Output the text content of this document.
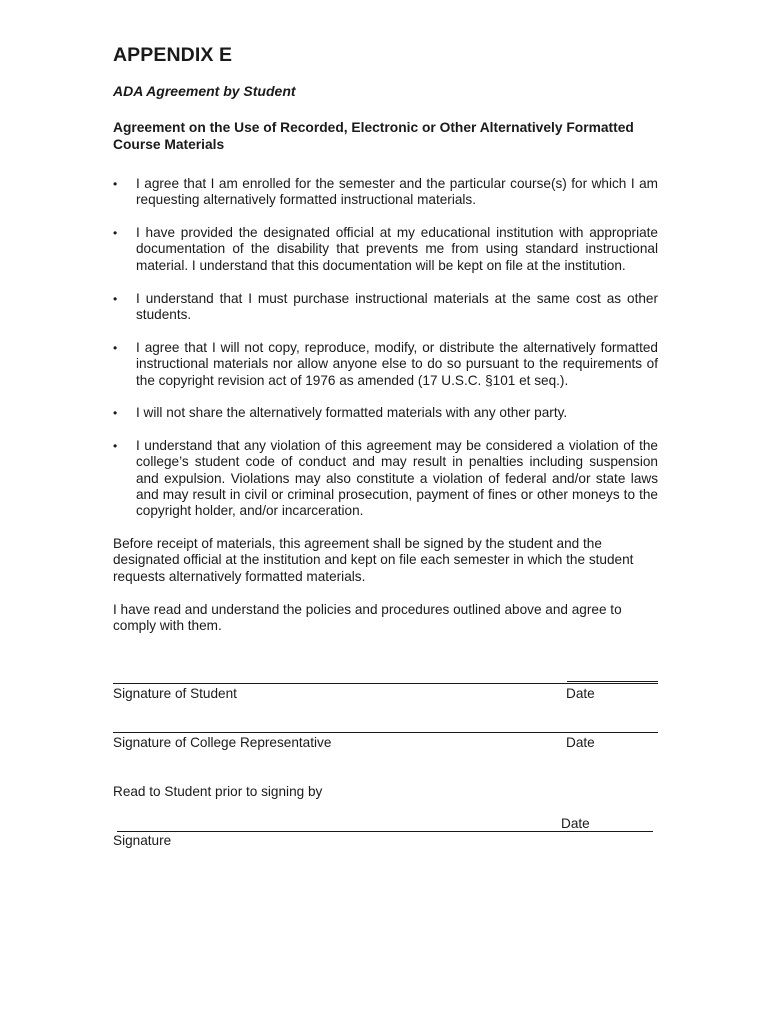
APPENDIX E
ADA Agreement by Student
Agreement on the Use of Recorded, Electronic or Other Alternatively Formatted Course Materials
•	I agree that I am enrolled for the semester and the particular course(s) for which I am requesting alternatively formatted instructional materials.
•	I have provided the designated official at my educational institution with appropriate documentation of the disability that prevents me from using standard instructional material. I understand that this documentation will be kept on file at the institution.
•	I understand that I must purchase instructional materials at the same cost as other students.
•	I agree that I will not copy, reproduce, modify, or distribute the alternatively formatted instructional materials nor allow anyone else to do so pursuant to the requirements of the copyright revision act of 1976 as amended (17 U.S.C. §101 et seq.).
•	I will not share the alternatively formatted materials with any other party.
•	I understand that any violation of this agreement may be considered a violation of the college’s student code of conduct and may result in penalties including suspension and expulsion. Violations may also constitute a violation of federal and/or state laws and may result in civil or criminal prosecution, payment of fines or other moneys to the copyright holder, and/or incarceration.
Before receipt of materials, this agreement shall be signed by the student and the designated official at the institution and kept on file each semester in which the student requests alternatively formatted materials.
I have read and understand the policies and procedures outlined above and agree to comply with them.
Signature of Student	Date
Signature of College Representative	Date
Read to Student prior to signing by
Date
Signature
